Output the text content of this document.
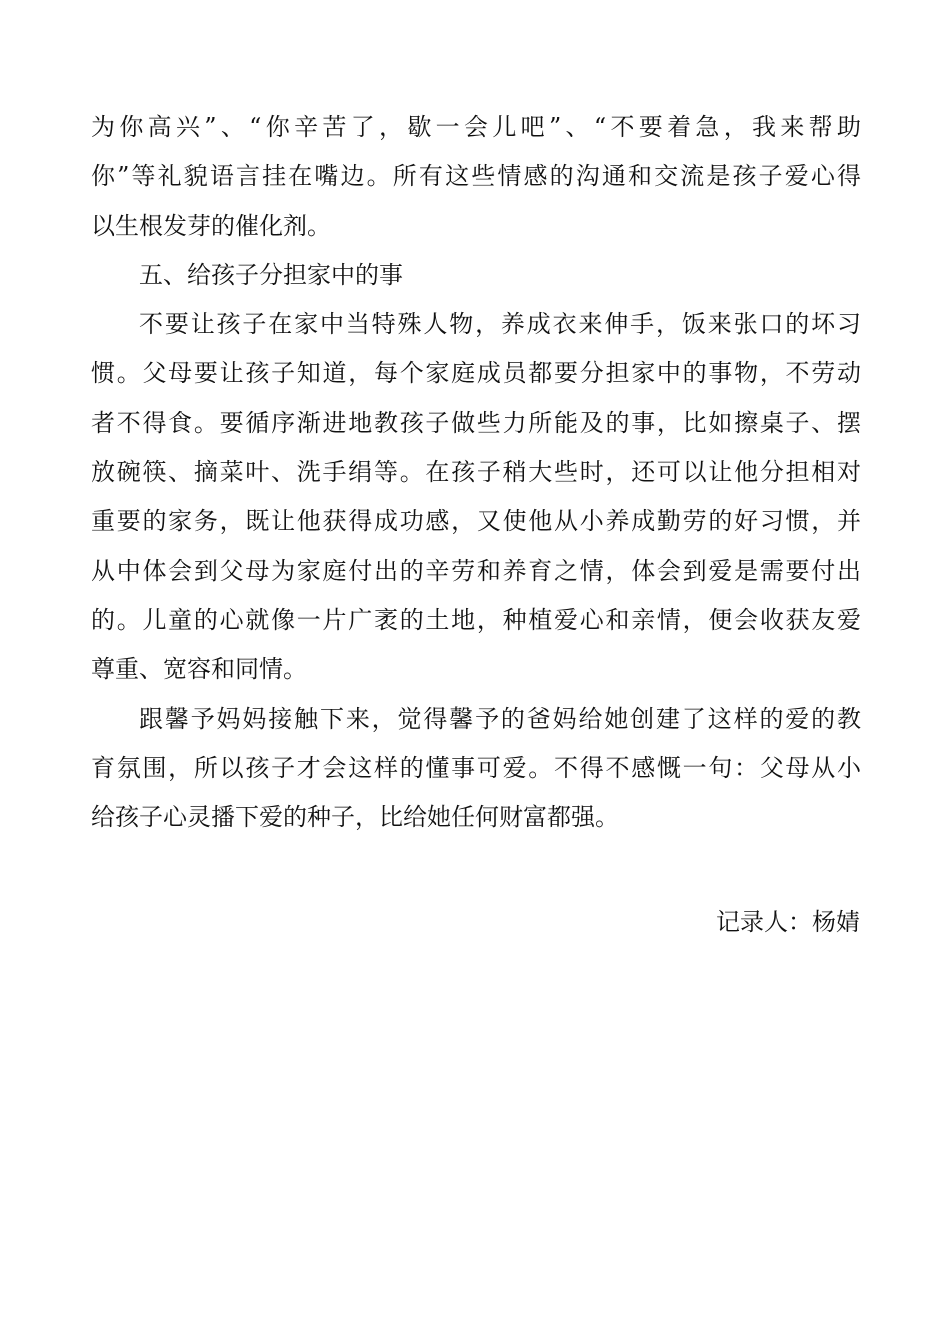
为你高兴”、“你辛苦了，歇一会儿吧”、“不要着急，我来帮助
你”等礼貌语言挂在嘴边。所有这些情感的沟通和交流是孩子爱心得
以生根发芽的催化剂。
五、给孩子分担家中的事
不要让孩子在家中当特殊人物，养成衣来伸手，饭来张口的坏习
惯。父母要让孩子知道，每个家庭成员都要分担家中的事物，不劳动
者不得食。要循序渐进地教孩子做些力所能及的事，比如擦桌子、摆
放碗筷、摘菜叶、洗手绢等。在孩子稍大些时，还可以让他分担相对
重要的家务，既让他获得成功感，又使他从小养成勤劳的好习惯，并
从中体会到父母为家庭付出的辛劳和养育之情，体会到爱是需要付出
的。儿童的心就像一片广袤的土地，种植爱心和亲情，便会收获友爱
尊重、宽容和同情。
跟馨予妈妈接触下来，觉得馨予的爸妈给她创建了这样的爱的教
育氛围，所以孩子才会这样的懂事可爱。不得不感慨一句：父母从小
给孩子心灵播下爱的种子，比给她任何财富都强。
记录人：杨婧
